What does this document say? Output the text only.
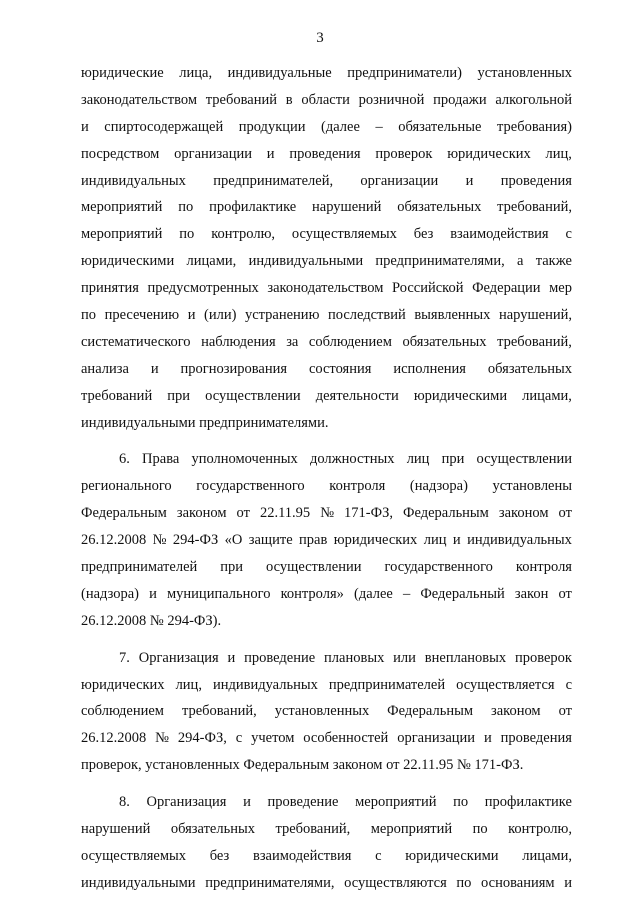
3
юридические лица, индивидуальные предприниматели) установленных
законодательством требований в области розничной продажи алкогольной
и спиртосодержащей продукции (далее – обязательные требования)
посредством организации и проведения проверок юридических лиц,
индивидуальных предпринимателей, организации и проведения
мероприятий по профилактике нарушений обязательных требований,
мероприятий по контролю, осуществляемых без взаимодействия с
юридическими лицами, индивидуальными предпринимателями, а также
принятия предусмотренных законодательством Российской Федерации мер
по пресечению и (или) устранению последствий выявленных нарушений,
систематического наблюдения за соблюдением обязательных требований,
анализа и прогнозирования состояния исполнения обязательных
требований при осуществлении деятельности юридическими лицами,
индивидуальными предпринимателями.
6. Права уполномоченных должностных лиц при осуществлении
регионального государственного контроля (надзора) установлены
Федеральным законом от 22.11.95 № 171-ФЗ, Федеральным законом от
26.12.2008 № 294-ФЗ «О защите прав юридических лиц и индивидуальных
предпринимателей при осуществлении государственного контроля
(надзора) и муниципального контроля» (далее – Федеральный закон от
26.12.2008 № 294-ФЗ).
7. Организация и проведение плановых или внеплановых проверок
юридических лиц, индивидуальных предпринимателей осуществляется с
соблюдением требований, установленных Федеральным законом от
26.12.2008 № 294-ФЗ, с учетом особенностей организации и проведения
проверок, установленных Федеральным законом от 22.11.95 № 171-ФЗ.
8. Организация и проведение мероприятий по профилактике
нарушений обязательных требований, мероприятий по контролю,
осуществляемых без взаимодействия с юридическими лицами,
индивидуальными предпринимателями, осуществляются по основаниям и
